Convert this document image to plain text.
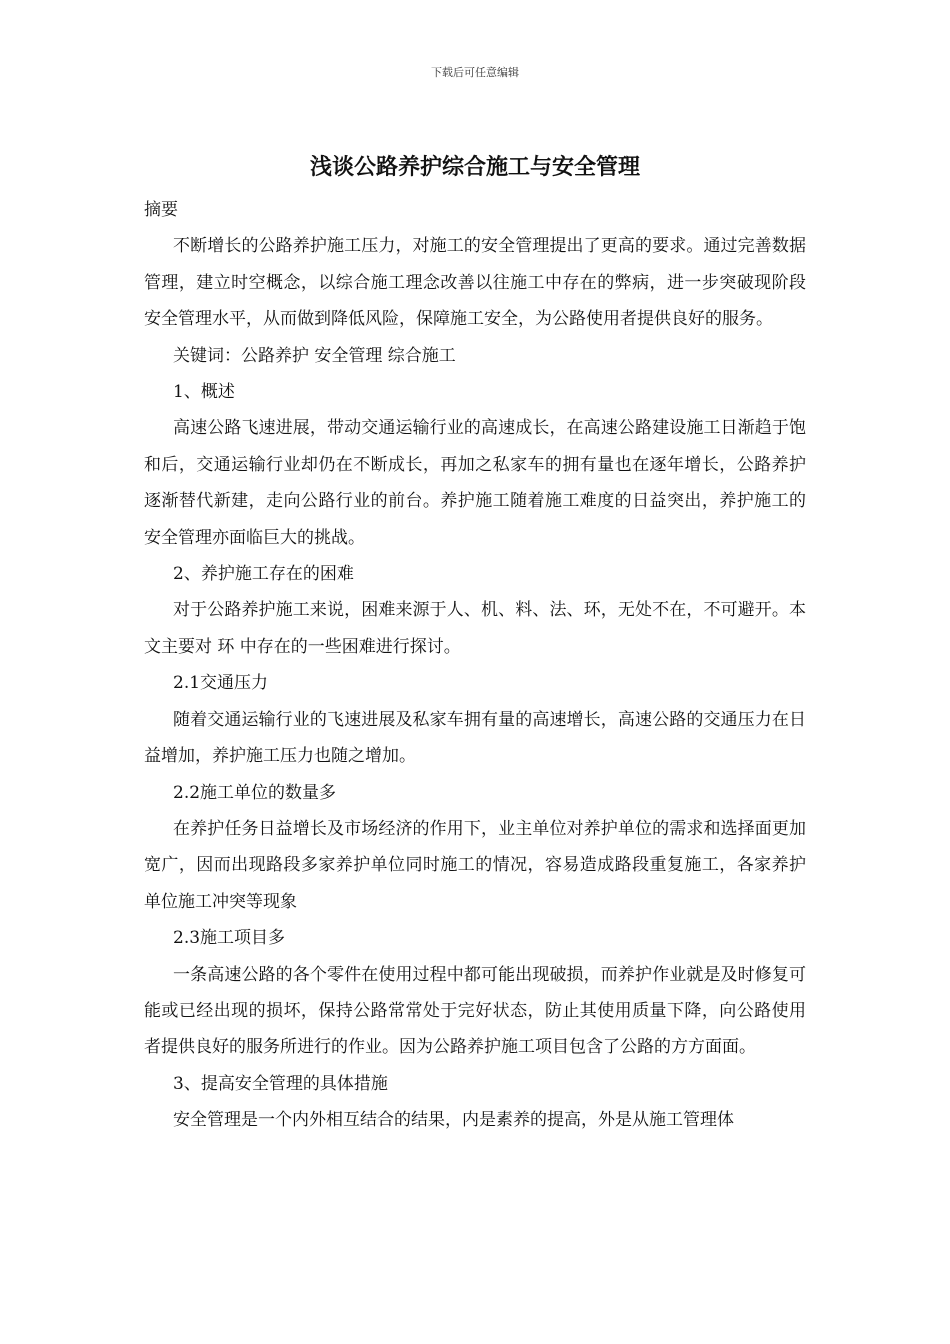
下载后可任意编辑
浅谈公路养护综合施工与安全管理

摘要

不断增长的公路养护施工压力，对施工的安全管理提出了更高的要求。通过完善数据管理，建立时空概念，以综合施工理念改善以往施工中存在的弊病，进一步突破现阶段安全管理水平，从而做到降低风险，保障施工安全，为公路使用者提供良好的服务。

关键词：公路养护 安全管理 综合施工

1、概述

高速公路飞速进展，带动交通运输行业的高速成长，在高速公路建设施工日渐趋于饱和后，交通运输行业却仍在不断成长，再加之私家车的拥有量也在逐年增长，公路养护逐渐替代新建，走向公路行业的前台。养护施工随着施工难度的日益突出，养护施工的安全管理亦面临巨大的挑战。

2、养护施工存在的困难

对于公路养护施工来说，困难来源于人、机、料、法、环，无处不在，不可避开。本文主要对 环 中存在的一些困难进行探讨。

2.1交通压力

随着交通运输行业的飞速进展及私家车拥有量的高速增长，高速公路的交通压力在日益增加，养护施工压力也随之增加。

2.2施工单位的数量多

在养护任务日益增长及市场经济的作用下，业主单位对养护单位的需求和选择面更加宽广，因而出现路段多家养护单位同时施工的情况，容易造成路段重复施工，各家养护单位施工冲突等现象

2.3施工项目多

一条高速公路的各个零件在使用过程中都可能出现破损，而养护作业就是及时修复可能或已经出现的损坏，保持公路常常处于完好状态，防止其使用质量下降，向公路使用者提供良好的服务所进行的作业。因为公路养护施工项目包含了公路的方方面面。

3、提高安全管理的具体措施

安全管理是一个内外相互结合的结果，内是素养的提高，外是从施工管理体
